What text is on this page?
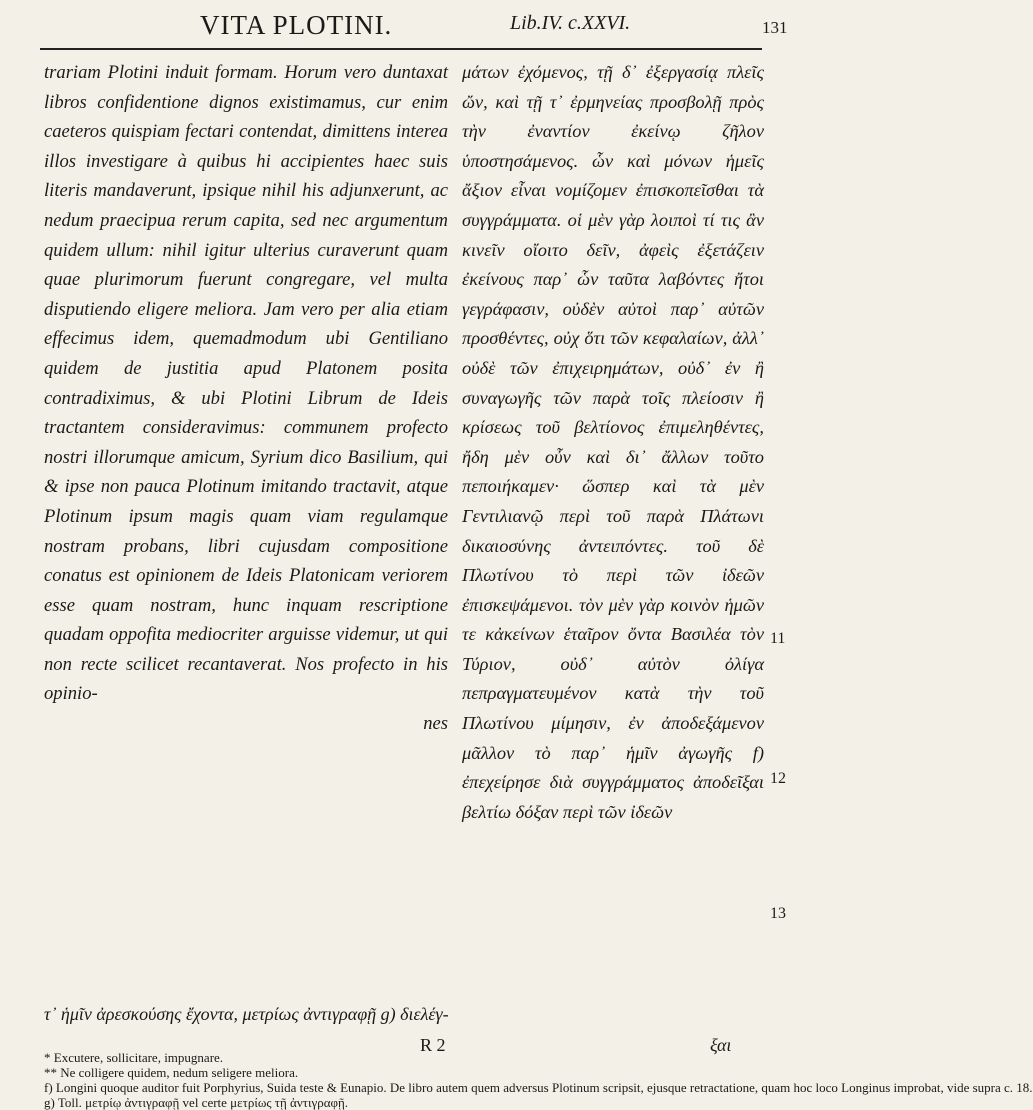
VITA PLOTINI.	Lib.IV. c.XXVI.	131

trariam Plotini induit formam. Horum vero duntaxat libros confidentione dignos existimamus, cur enim caeteros quispiam fectari contendat, dimittens interea illos investigare à quibus hi accipientes haec suis literis mandaverunt, ipsique nihil his adjunxerunt, ac nedum praecipua rerum capita, sed nec argumentum quidem ullum: nihil igitur ulterius curaverunt quam quae plurimorum fuerunt congregare, vel multa disputiendo eligere meliora. Jam vero per alia etiam effecimus idem, quemadmodum ubi Gentiliano quidem de justitia apud Platonem posita contradiximus, & ubi Plotini Librum de Ideis tractantem consideravimus: communem profecto nostri illorumque amicum, Syrium dico Basilium, qui & ipse non pauca Plotinum imitando tractavit, atque Plotinum ipsum magis quam viam regulamque nostram probans, libri cujusdam compositione conatus est opinionem de Ideis Platonicam veriorem esse quam nostram, hunc inquam rescriptione quadam oppofita mediocriter arguisse videmur, ut qui non recte scilicet recantaverat. Nos profecto in his opinio-

nes

μάτων ἐχόμενος, τῇ δ᾽ ἐξεργασίᾳ πλεῖς ὤν, καὶ τῇ τ᾽ ἐρμηνείας προσβολῇ πρὸς τὴν ἐναντίον ἐκείνῳ ζῆλον ὑποστησάμενος. ὧν καὶ μόνων ἡμεῖς ἄξιον εἶναι νομίζομεν ἐπισκοπεῖσθαι τὰ συγγράμματα. οἱ μὲν γὰρ λοιποὶ τί τις ἂν κινεῖν οἴοιτο δεῖν, ἀφεὶς ἐξετάζειν ἐκείνους παρ᾽ ὧν ταῦτα λαβόντες ἤτοι γεγράφασιν, οὐδὲν αὐτοὶ παρ᾽ αὐτῶν προσθέντες, οὐχ ὅτι τῶν κεφαλαίων, ἀλλ᾽ οὐδὲ τῶν ἐπιχειρημάτων, οὐδ᾽ ἐν ἢ συναγωγῆς τῶν παρὰ τοῖς πλείοσιν ἢ κρίσεως τοῦ βελτίονος ἐπιμεληθέντες, ἤδη μὲν οὖν καὶ δι᾽ ἄλλων τοῦτο πεποιήκαμεν· ὥσπερ καὶ τὰ μὲν Γεντιλιανῷ περὶ τοῦ παρὰ Πλάτωνι δικαιοσύνης ἀντειπόντες. τοῦ δὲ Πλωτίνου τὸ περὶ τῶν ἰδεῶν ἐπισκεψάμενοι. τὸν μὲν γὰρ κοινὸν ἡμῶν τε κἀκείνων ἑταῖρον ὄντα Βασιλέα τὸν Τύριον, οὐδ᾽ αὐτὸν ὀλίγα πεπραγματευμένον κατὰ τὴν τοῦ Πλωτίνου μίμησιν, ἐν ἀποδεξάμενον μᾶλλον τὸ παρ᾽ ἡμῖν ἀγωγῆς f) ἐπεχείρησε διὰ συγγράμματος ἀποδεῖξαι βελτίω δόξαν περὶ τῶν ἰδεῶν

11
12
13
τ᾽ ἡμῖν ἀρεσκούσης ἔχοντα, μετρίως ἀντιγραφῇ g) διελέγ-
R 2	ξαι
* Excutere, sollicitare, impugnare.
** Ne colligere quidem, nedum seligere meliora.
f) Longini quoque auditor fuit Porphyrius, Suida teste & Eunapio. De libro autem quem adversus Plotinum scripsit, ejusque retractatione, quam hoc loco Longinus improbat, vide supra c. 18.
g) Toll. μετρίῳ ἀντιγραφῇ vel certe μετρίως τῇ ἀντιγραφῇ.
